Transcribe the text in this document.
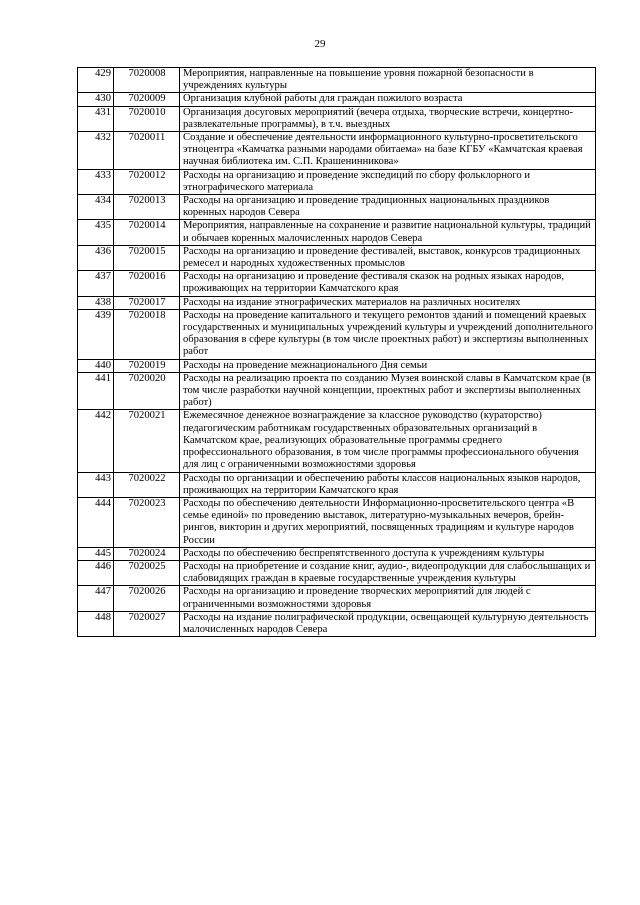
29
429	7020008	Мероприятия, направленные на повышение уровня пожарной безопасности в учреждениях культуры
430	7020009	Организация клубной работы для граждан пожилого возраста
431	7020010	Организация досуговых мероприятий (вечера отдыха, творческие встречи, концертно-развлекательные программы), в т.ч. выездных
432	7020011	Создание и обеспечение деятельности информационного культурно-просветительского этноцентра «Камчатка разными народами обитаема» на базе КГБУ «Камчатская краевая научная библиотека им. С.П. Крашенинникова»
433	7020012	Расходы на организацию и проведение экспедиций по сбору фольклорного и этнографического материала
434	7020013	Расходы на организацию и проведение традиционных национальных праздников коренных народов Севера
435	7020014	Мероприятия, направленные на сохранение и развитие национальной культуры, традиций и обычаев коренных малочисленных народов Севера
436	7020015	Расходы на организацию и проведение фестивалей, выставок, конкурсов традиционных ремесел и народных художественных промыслов
437	7020016	Расходы на организацию и проведение фестиваля сказок на родных языках народов, проживающих на территории Камчатского края
438	7020017	Расходы на издание этнографических материалов на различных носителях
439	7020018	Расходы на проведение капитального и текущего ремонтов зданий и помещений краевых государственных и муниципальных учреждений культуры и учреждений дополнительного образования в сфере культуры (в том числе проектных работ) и экспертизы выполненных работ
440	7020019	Расходы на проведение межнационального Дня семьи
441	7020020	Расходы на реализацию проекта по созданию Музея воинской славы в Камчатском крае (в том числе разработки научной концепции, проектных работ и экспертизы выполненных работ)
442	7020021	Ежемесячное денежное вознаграждение за классное руководство (кураторство) педагогическим работникам государственных образовательных организаций в Камчатском крае, реализующих образовательные программы среднего профессионального образования, в том числе программы профессионального обучения для лиц с ограниченными возможностями здоровья
443	7020022	Расходы по организации и обеспечению работы классов национальных языков народов, проживающих на территории Камчатского края
444	7020023	Расходы по обеспечению деятельности Информационно-просветительского центра «В семье единой» по проведению выставок, литературно-музыкальных вечеров, брейн-рингов, викторин и других мероприятий, посвященных традициям и культуре народов России
445	7020024	Расходы по обеспечению беспрепятственного доступа к учреждениям культуры
446	7020025	Расходы на приобретение и создание книг, аудио-, видеопродукции для слабослышащих и слабовидящих граждан в краевые государственные учреждения культуры
447	7020026	Расходы на организацию и проведение творческих мероприятий для людей с ограниченными возможностями здоровья
448	7020027	Расходы на издание полиграфической продукции, освещающей культурную деятельность малочисленных народов Севера
